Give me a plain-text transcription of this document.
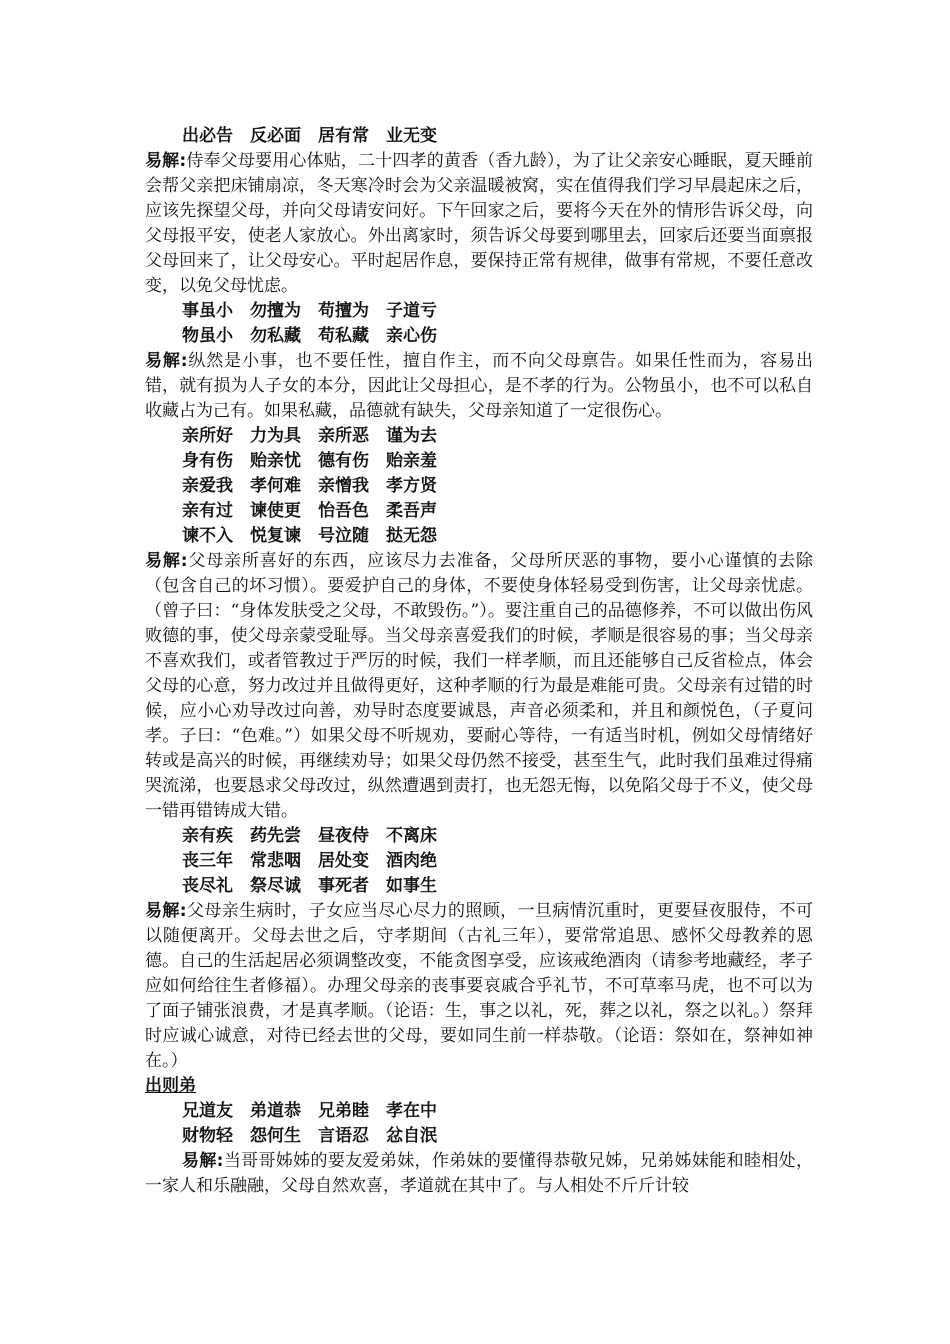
出必告　反必面　居有常　业无变

易解:侍奉父母要用心体贴，二十四孝的黄香（香九龄），为了让父亲安心睡眠，夏天睡前会帮父亲把床铺扇凉，冬天寒冷时会为父亲温暖被窝，实在值得我们学习早晨起床之后，应该先探望父母，并向父母请安问好。下午回家之后，要将今天在外的情形告诉父母，向父母报平安，使老人家放心。外出离家时，须告诉父母要到哪里去，回家后还要当面禀报父母回来了，让父母安心。平时起居作息，要保持正常有规律，做事有常规，不要任意改变，以免父母忧虑。

事虽小　勿擅为　苟擅为　子道亏

物虽小　勿私藏　苟私藏　亲心伤

易解:纵然是小事，也不要任性，擅自作主，而不向父母禀告。如果任性而为，容易出错，就有损为人子女的本分，因此让父母担心，是不孝的行为。公物虽小，也不可以私自收藏占为己有。如果私藏，品德就有缺失，父母亲知道了一定很伤心。

亲所好　力为具　亲所恶　谨为去

身有伤　贻亲忧　德有伤　贻亲羞

亲爱我　孝何难　亲憎我　孝方贤

亲有过　谏使更　怡吾色　柔吾声

谏不入　悦复谏　号泣随　挞无怨

易解:父母亲所喜好的东西，应该尽力去准备，父母所厌恶的事物，要小心谨慎的去除（包含自己的坏习惯）。要爱护自己的身体，不要使身体轻易受到伤害，让父母亲忧虑。（曾子曰：“身体发肤受之父母，不敢毁伤。”）。要注重自己的品德修养，不可以做出伤风败德的事，使父母亲蒙受耻辱。当父母亲喜爱我们的时候，孝顺是很容易的事；当父母亲不喜欢我们，或者管教过于严厉的时候，我们一样孝顺，而且还能够自己反省检点，体会父母的心意，努力改过并且做得更好，这种孝顺的行为最是难能可贵。父母亲有过错的时候，应小心劝导改过向善，劝导时态度要诚恳，声音必须柔和，并且和颜悦色，（子夏问孝。子曰：“色难。”）如果父母不听规劝，要耐心等待，一有适当时机，例如父母情绪好转或是高兴的时候，再继续劝导；如果父母仍然不接受，甚至生气，此时我们虽难过得痛哭流涕，也要恳求父母改过，纵然遭遇到责打，也无怨无悔，以免陷父母于不义，使父母一错再错铸成大错。

亲有疾　药先尝　昼夜侍　不离床

丧三年　常悲咽　居处变　酒肉绝

丧尽礼　祭尽诚　事死者　如事生

易解:父母亲生病时，子女应当尽心尽力的照顾，一旦病情沉重时，更要昼夜服侍，不可以随便离开。父母去世之后，守孝期间（古礼三年），要常常追思、感怀父母教养的恩德。自己的生活起居必须调整改变，不能贪图享受，应该戒绝酒肉（请参考地藏经，孝子应如何给往生者修福）。办理父母亲的丧事要哀戚合乎礼节，不可草率马虎，也不可以为了面子铺张浪费，才是真孝顺。（论语：生，事之以礼，死，葬之以礼，祭之以礼。）祭拜时应诚心诚意，对待已经去世的父母，要如同生前一样恭敬。（论语：祭如在，祭神如神在。）

出则弟

兄道友　弟道恭　兄弟睦　孝在中

财物轻　怨何生　言语忍　忿自泯

易解:当哥哥姊姊的要友爱弟妹，作弟妹的要懂得恭敬兄姊，兄弟姊妹能和睦相处，一家人和乐融融，父母自然欢喜，孝道就在其中了。与人相处不斤斤计较
